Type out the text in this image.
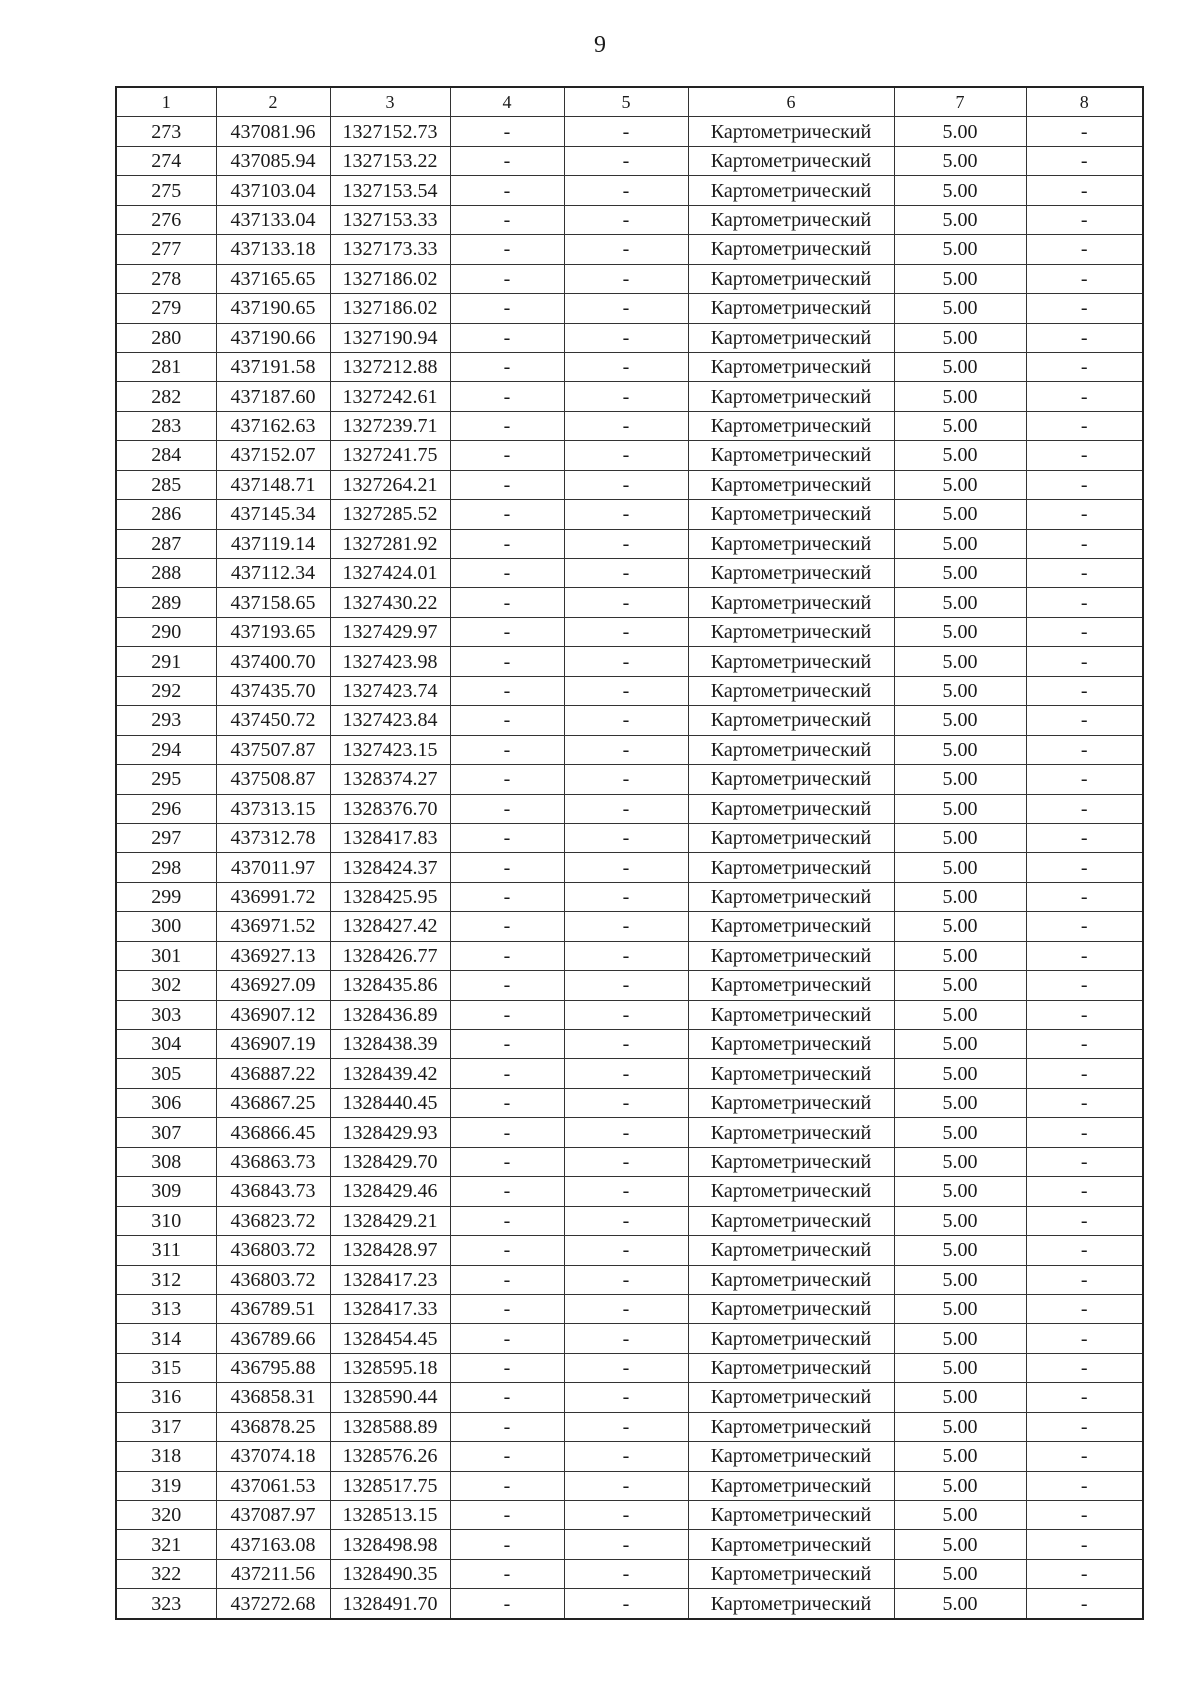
9
1	2	3	4	5	6	7	8
273	437081.96	1327152.73	-	-	Картометрический	5.00	-
274	437085.94	1327153.22	-	-	Картометрический	5.00	-
275	437103.04	1327153.54	-	-	Картометрический	5.00	-
276	437133.04	1327153.33	-	-	Картометрический	5.00	-
277	437133.18	1327173.33	-	-	Картометрический	5.00	-
278	437165.65	1327186.02	-	-	Картометрический	5.00	-
279	437190.65	1327186.02	-	-	Картометрический	5.00	-
280	437190.66	1327190.94	-	-	Картометрический	5.00	-
281	437191.58	1327212.88	-	-	Картометрический	5.00	-
282	437187.60	1327242.61	-	-	Картометрический	5.00	-
283	437162.63	1327239.71	-	-	Картометрический	5.00	-
284	437152.07	1327241.75	-	-	Картометрический	5.00	-
285	437148.71	1327264.21	-	-	Картометрический	5.00	-
286	437145.34	1327285.52	-	-	Картометрический	5.00	-
287	437119.14	1327281.92	-	-	Картометрический	5.00	-
288	437112.34	1327424.01	-	-	Картометрический	5.00	-
289	437158.65	1327430.22	-	-	Картометрический	5.00	-
290	437193.65	1327429.97	-	-	Картометрический	5.00	-
291	437400.70	1327423.98	-	-	Картометрический	5.00	-
292	437435.70	1327423.74	-	-	Картометрический	5.00	-
293	437450.72	1327423.84	-	-	Картометрический	5.00	-
294	437507.87	1327423.15	-	-	Картометрический	5.00	-
295	437508.87	1328374.27	-	-	Картометрический	5.00	-
296	437313.15	1328376.70	-	-	Картометрический	5.00	-
297	437312.78	1328417.83	-	-	Картометрический	5.00	-
298	437011.97	1328424.37	-	-	Картометрический	5.00	-
299	436991.72	1328425.95	-	-	Картометрический	5.00	-
300	436971.52	1328427.42	-	-	Картометрический	5.00	-
301	436927.13	1328426.77	-	-	Картометрический	5.00	-
302	436927.09	1328435.86	-	-	Картометрический	5.00	-
303	436907.12	1328436.89	-	-	Картометрический	5.00	-
304	436907.19	1328438.39	-	-	Картометрический	5.00	-
305	436887.22	1328439.42	-	-	Картометрический	5.00	-
306	436867.25	1328440.45	-	-	Картометрический	5.00	-
307	436866.45	1328429.93	-	-	Картометрический	5.00	-
308	436863.73	1328429.70	-	-	Картометрический	5.00	-
309	436843.73	1328429.46	-	-	Картометрический	5.00	-
310	436823.72	1328429.21	-	-	Картометрический	5.00	-
311	436803.72	1328428.97	-	-	Картометрический	5.00	-
312	436803.72	1328417.23	-	-	Картометрический	5.00	-
313	436789.51	1328417.33	-	-	Картометрический	5.00	-
314	436789.66	1328454.45	-	-	Картометрический	5.00	-
315	436795.88	1328595.18	-	-	Картометрический	5.00	-
316	436858.31	1328590.44	-	-	Картометрический	5.00	-
317	436878.25	1328588.89	-	-	Картометрический	5.00	-
318	437074.18	1328576.26	-	-	Картометрический	5.00	-
319	437061.53	1328517.75	-	-	Картометрический	5.00	-
320	437087.97	1328513.15	-	-	Картометрический	5.00	-
321	437163.08	1328498.98	-	-	Картометрический	5.00	-
322	437211.56	1328490.35	-	-	Картометрический	5.00	-
323	437272.68	1328491.70	-	-	Картометрический	5.00	-
